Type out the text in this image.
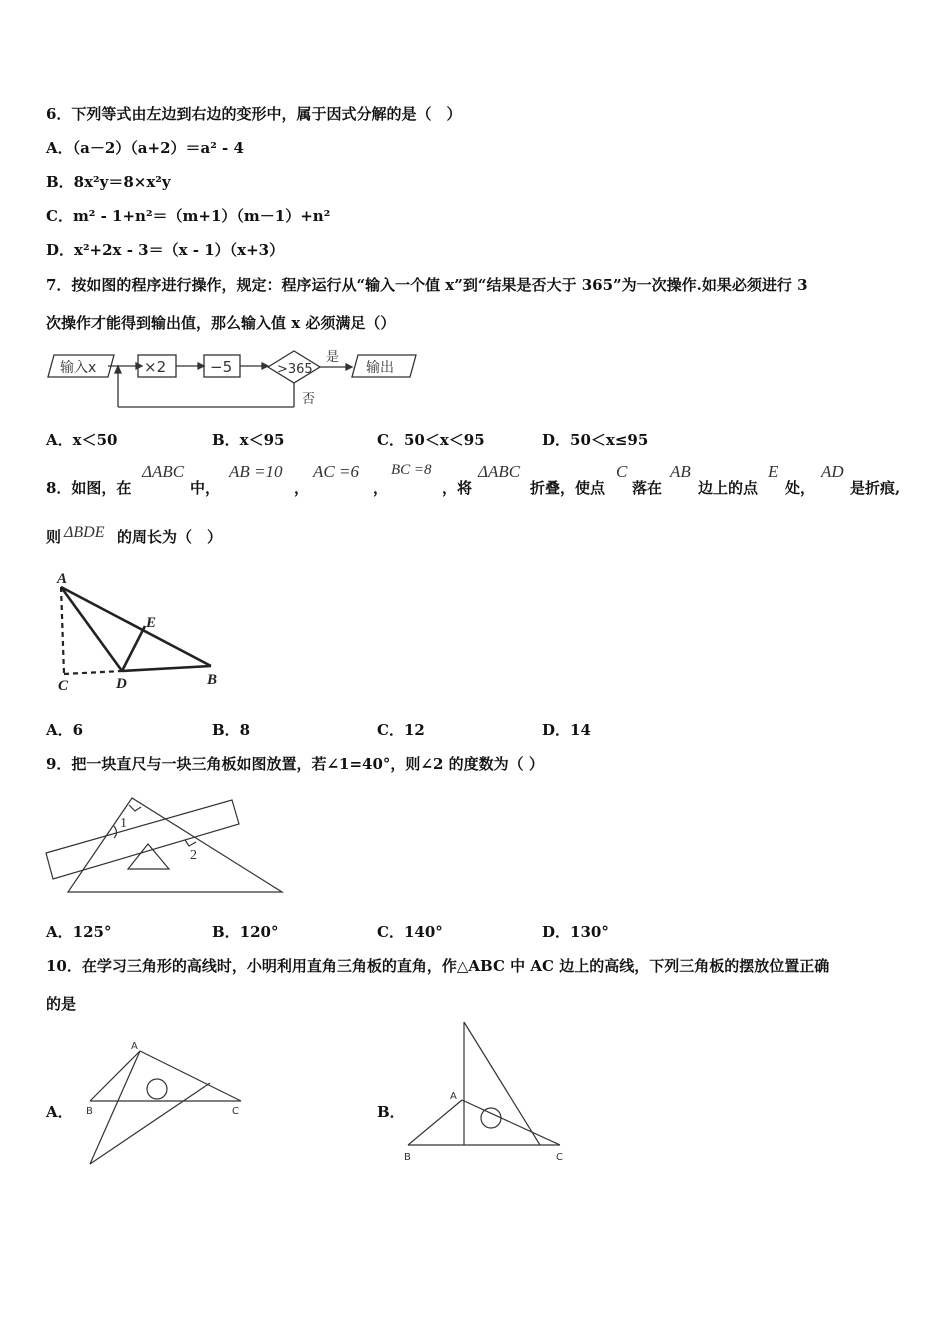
6．下列等式由左边到右边的变形中，属于因式分解的是（　）
A．（a－2）（a+2）＝a² - 4
B．8x²y＝8×x²y
C．m² - 1+n²＝（m+1）（m－1）+n²
D．x²+2x - 3＝（x - 1）（x+3）
7．按如图的程序进行操作，规定：程序运行从“输入一个值 x”到“结果是否大于 365”为一次操作.如果必须进行 3
次操作才能得到输出值，那么输入值 x 必须满足（）
输入x	×2	−5	>365
是
输出
否
A．x＜50	B．x＜95	C．50＜x＜95	D．50＜x≤95
8．如图，在
ΔABC
中，
AB =10
，
AC =6
，
BC =8
，将
ΔABC
折叠，使点
C
落在
AB
边上的点
E
处，
AD
是折痕,
则 ΔBDE 的周长为（　）
A
E
C	D	B
A．6	B．8	C．12	D．14
9．把一块直尺与一块三角板如图放置，若∠1=40°，则∠2 的度数为（ ）
1
2
A．125°	B．120°	C．140°	D．130°
10．在学习三角形的高线时，小明利用直角三角板的直角，作△ABC 中 AC 边上的高线，下列三角板的摆放位置正确
的是
A．
A
B	C	B．
A
B	C
